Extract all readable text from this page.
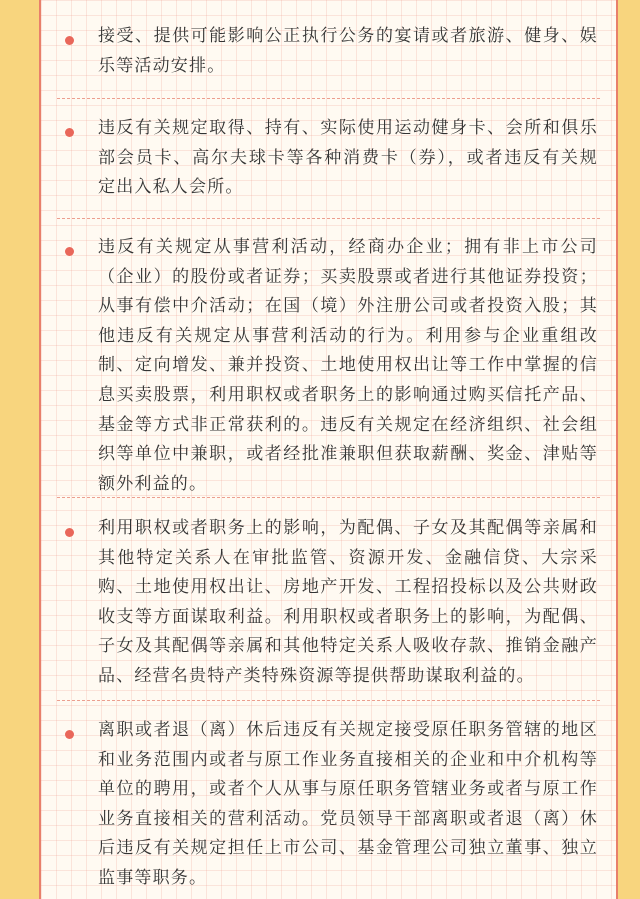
接受、提供可能影响公正执行公务的宴请或者旅游、健身、娱乐等活动安排。

违反有关规定取得、持有、实际使用运动健身卡、会所和俱乐部会员卡、高尔夫球卡等各种消费卡（券），或者违反有关规定出入私人会所。

违反有关规定从事营利活动，经商办企业；拥有非上市公司（企业）的股份或者证券；买卖股票或者进行其他证券投资；从事有偿中介活动；在国（境）外注册公司或者投资入股；其他违反有关规定从事营利活动的行为。利用参与企业重组改制、定向增发、兼并投资、土地使用权出让等工作中掌握的信息买卖股票，利用职权或者职务上的影响通过购买信托产品、基金等方式非正常获利的。违反有关规定在经济组织、社会组织等单位中兼职，或者经批准兼职但获取薪酬、奖金、津贴等额外利益的。

利用职权或者职务上的影响，为配偶、子女及其配偶等亲属和其他特定关系人在审批监管、资源开发、金融信贷、大宗采购、土地使用权出让、房地产开发、工程招投标以及公共财政收支等方面谋取利益。利用职权或者职务上的影响，为配偶、子女及其配偶等亲属和其他特定关系人吸收存款、推销金融产品、经营名贵特产类特殊资源等提供帮助谋取利益的。

离职或者退（离）休后违反有关规定接受原任职务管辖的地区和业务范围内或者与原工作业务直接相关的企业和中介机构等单位的聘用，或者个人从事与原任职务管辖业务或者与原工作业务直接相关的营利活动。党员领导干部离职或者退（离）休后违反有关规定担任上市公司、基金管理公司独立董事、独立监事等职务。
